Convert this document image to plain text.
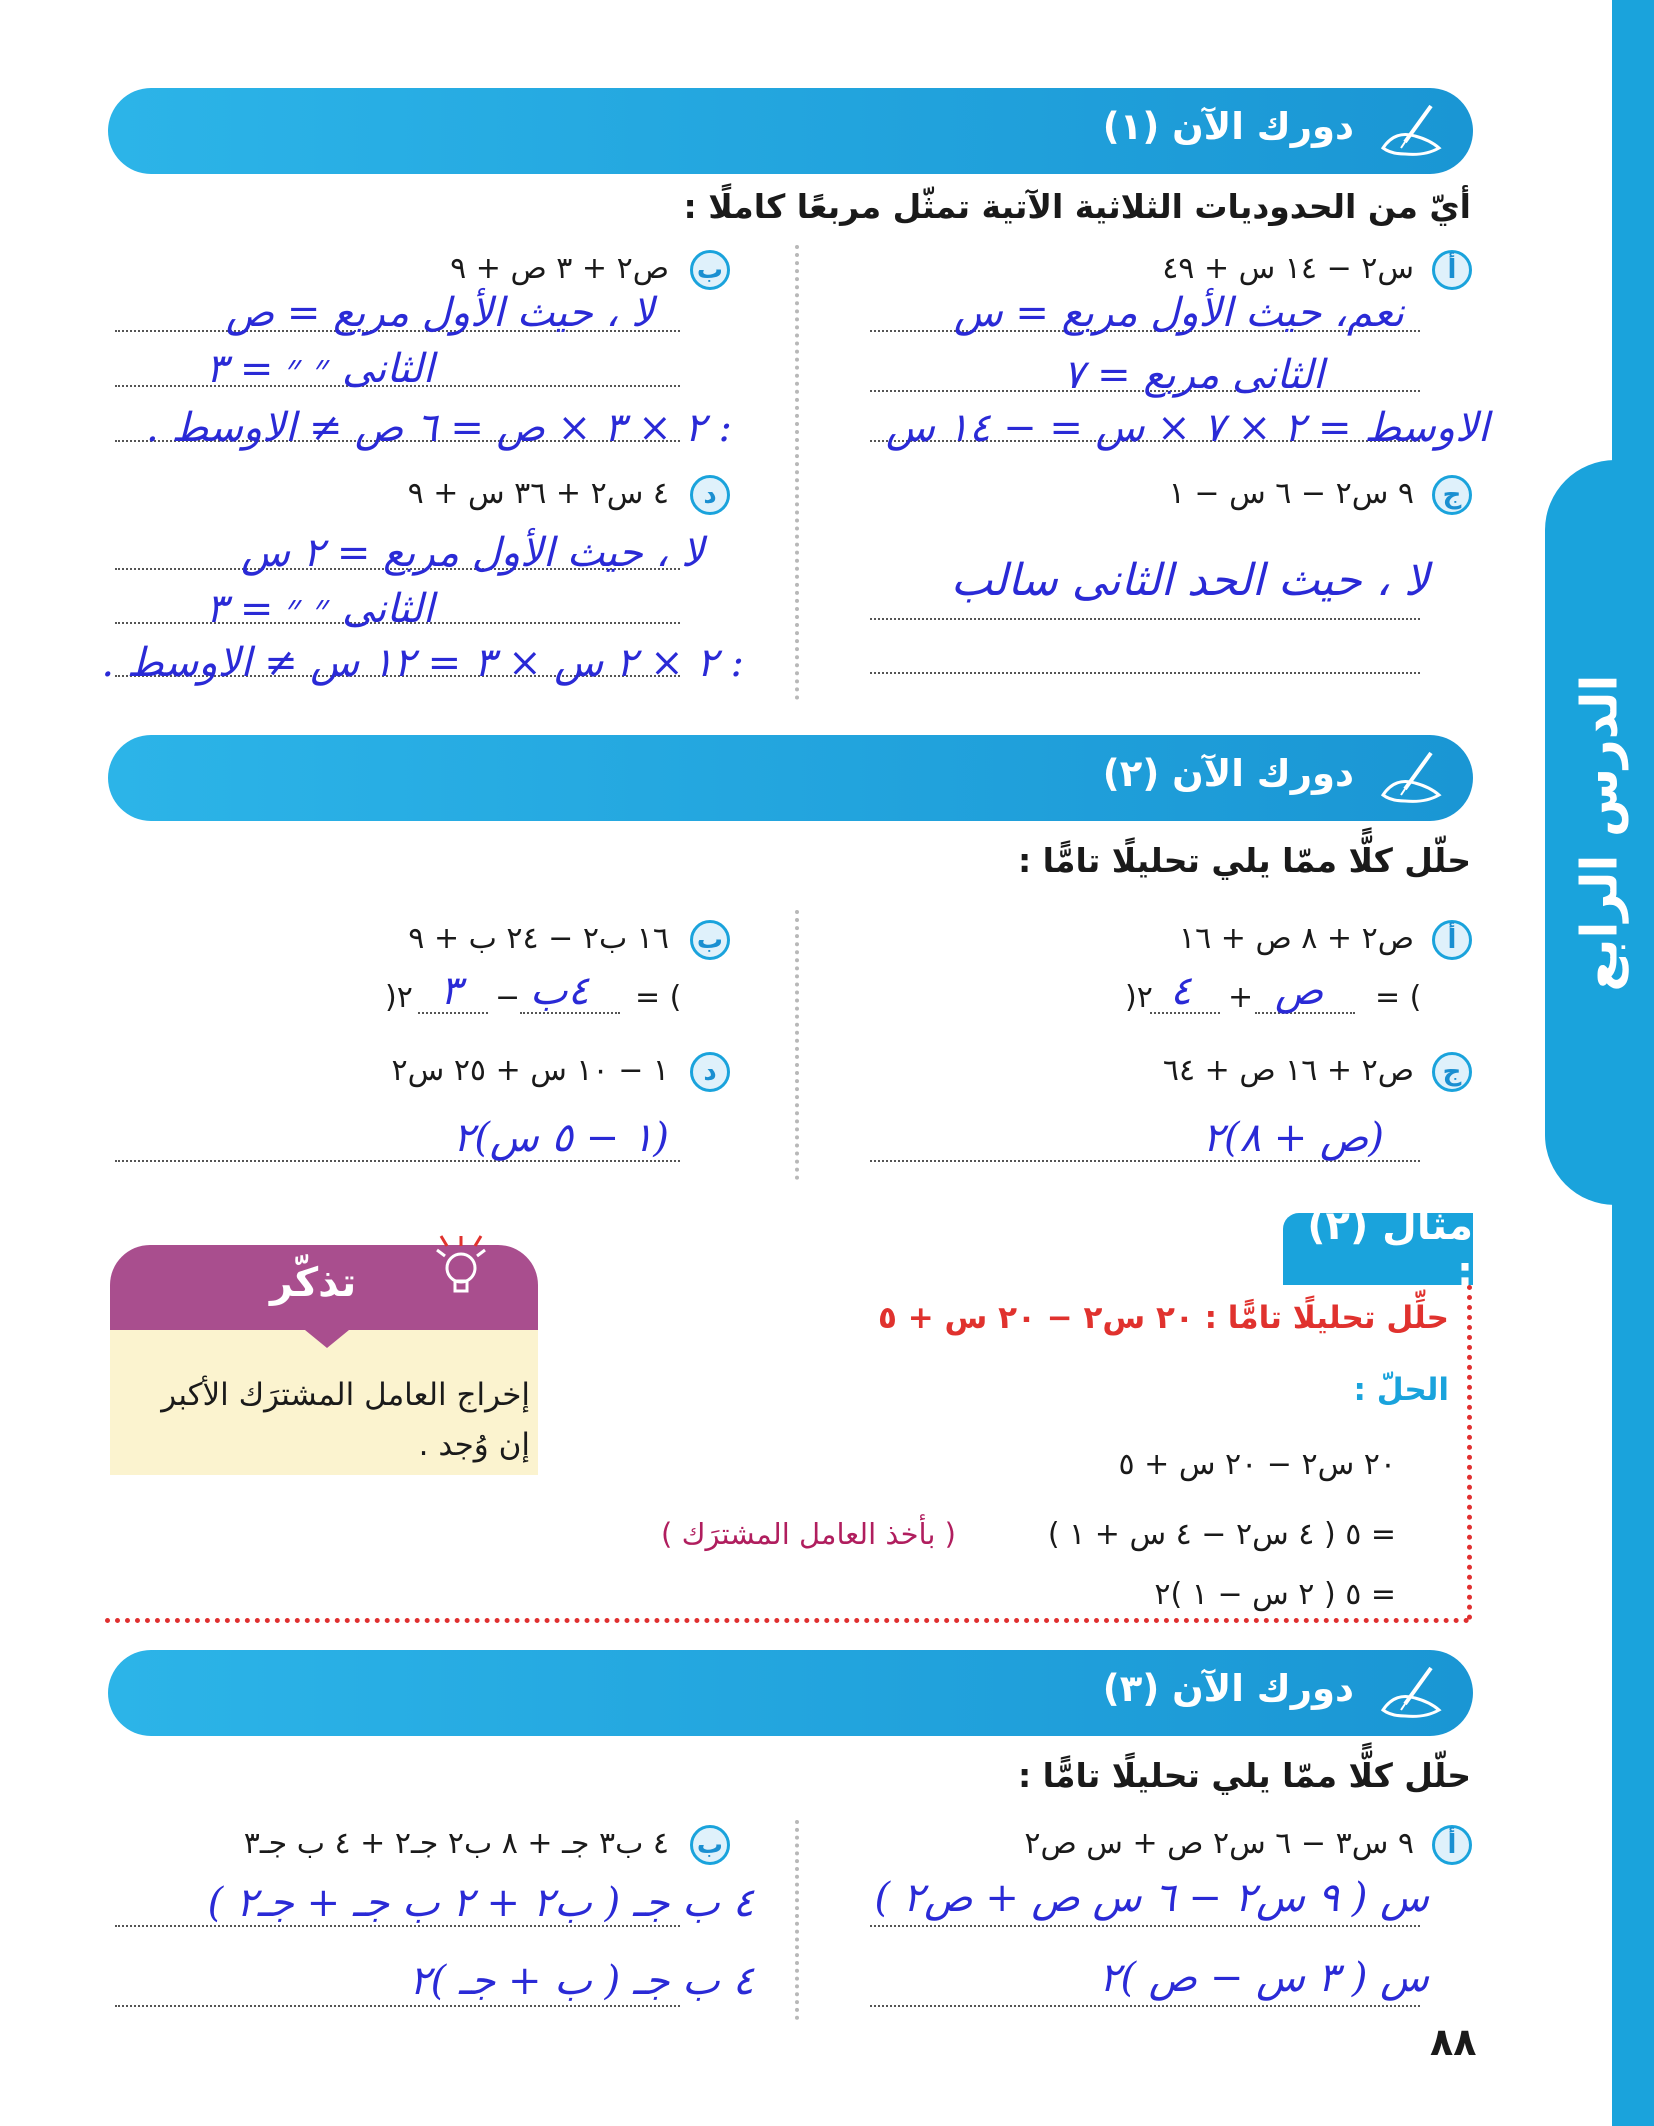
الدرس الرابع
دورك الآن (١)
أيّ من الحدوديات الثلاثية الآتية تمثّل مربعًا كاملًا :
أ
س٢ − ١٤ س + ٤٩
نعم، حيث الأول مربع = س
الثانى مربع = ٧
الاوسط = ٢ × ٧ × س = − ١٤ س
ب
ص٢ + ٣ ص + ٩
لا ، حيث الأول مربع = ص
الثانى ״ ״ = ٣
: ٢ × ٣ × ص = ٦ ص ≠ الاوسط .
ج
٩ س٢ − ٦ س − ١
لا ، حيث الحد الثانى سالب
د
٤ س٢ + ٣٦ س + ٩
لا ، حيث الأول مربع = ٢ س
الثانى ״ ״ = ٣
: ٢ × ٢ س × ٣ = ١٢ س ≠ الاوسط .
دورك الآن (٢)
حلّل كلًّا ممّا يلي تحليلًا تامًّا :
أ
ص٢ + ٨ ص + ١٦
= (
ص
+
٤
)٢
ب
١٦ ب٢ − ٢٤ ب + ٩
= (
٤ب
−
٣
)٢
ج
ص٢ + ١٦ ص + ٦٤
(ص + ٨)٢
د
١ − ١٠ س + ٢٥ س٢
(١ − ٥ س)٢
مثال (٢) :
حلِّل تحليلًا تامًّا : ٢٠ س٢ − ٢٠ س + ٥
الحلّ :
٢٠ س٢ − ٢٠ س + ٥
= ٥ ( ٤ س٢ − ٤ س + ١ )
= ٥ ( ٢ س − ١ )٢
( بأخذ العامل المشترَك )
تذكّر
إخراج العامل المشترَك الأكبر إن وُجد .
دورك الآن (٣)
حلّل كلًّا ممّا يلي تحليلًا تامًّا :
أ
٩ س٣ − ٦ س٢ ص + س ص٢
س ( ٩ س٢ − ٦ س ص + ص٢ )
س ( ٣ س − ص )٢
ب
٤ ب٣ جـ + ٨ ب٢ جـ٢ + ٤ ب جـ٣
٤ ب جـ ( ب٢ + ٢ ب جـ + جـ٢ )
٤ ب جـ ( ب + جـ )٢
٨٨
